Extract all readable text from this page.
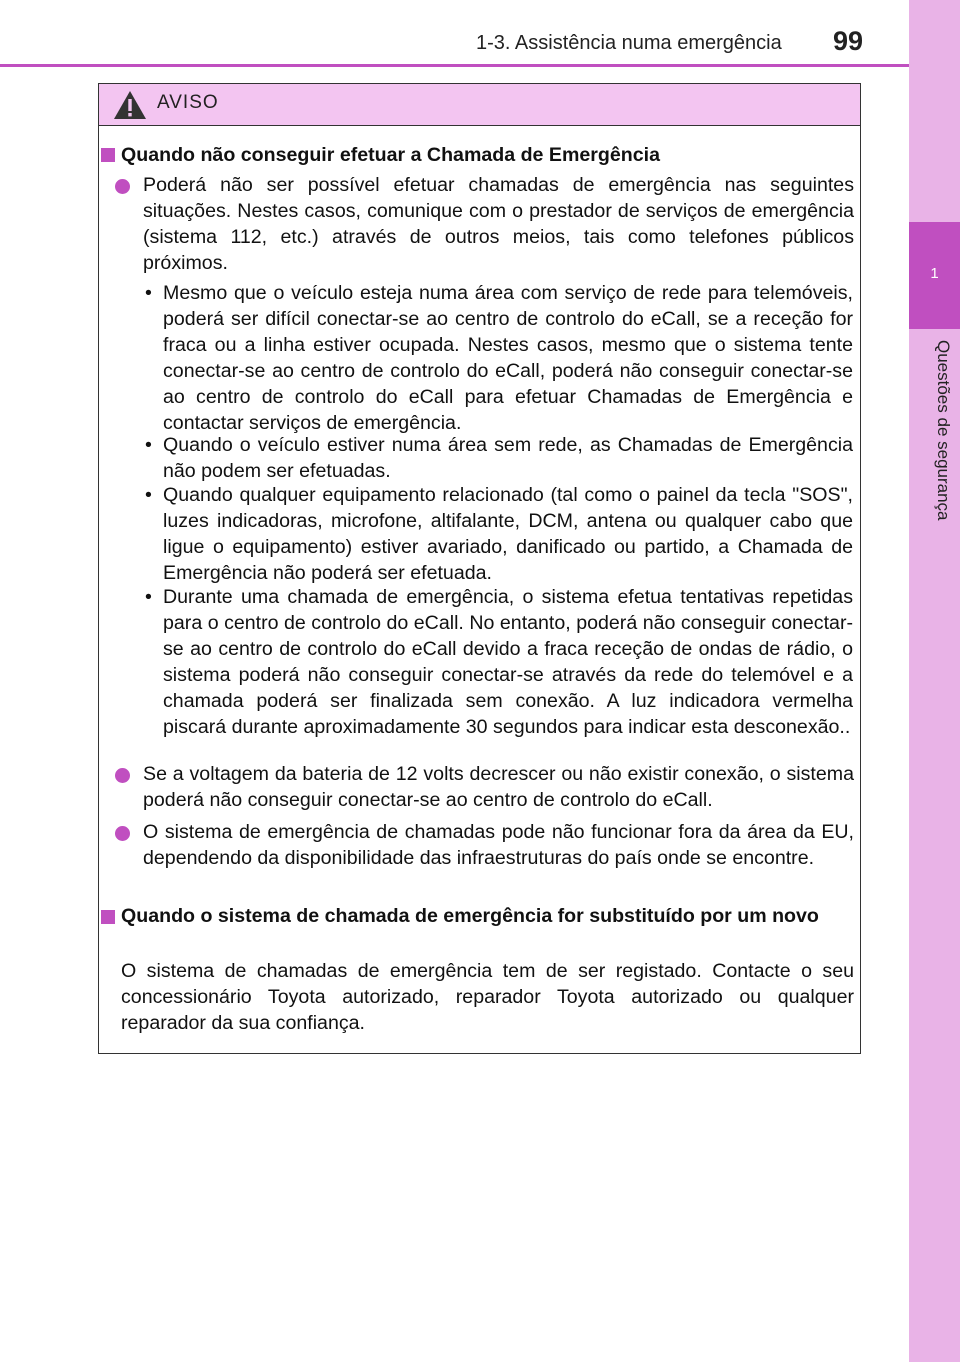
1
Questões de segurança
1-3. Assistência numa emergência 99
AVISO
Quando não conseguir efetuar a Chamada de Emergência
Poderá não ser possível efetuar chamadas de emergência nas seguintes situações. Nestes casos, comunique com o prestador de serviços de emergência (sistema 112, etc.) através de outros meios, tais como telefones públicos próximos.
• Mesmo que o veículo esteja numa área com serviço de rede para telemóveis, poderá ser difícil conectar-se ao centro de controlo do eCall, se a receção for fraca ou a linha estiver ocupada. Nestes casos, mesmo que o sistema tente conectar-se ao centro de controlo do eCall, poderá não conseguir conectar-se ao centro de controlo do eCall para efetuar Chamadas de Emergência e contactar serviços de emergência.
• Quando o veículo estiver numa área sem rede, as Chamadas de Emergência não podem ser efetuadas.
• Quando qualquer equipamento relacionado (tal como o painel da tecla "SOS", luzes indicadoras, microfone, altifalante, DCM, antena ou qualquer cabo que ligue o equipamento) estiver avariado, danificado ou partido, a Chamada de Emergência não poderá ser efetuada.
• Durante uma chamada de emergência, o sistema efetua tentativas repetidas para o centro de controlo do eCall. No entanto, poderá não conseguir conectar-se ao centro de controlo do eCall devido a fraca receção de ondas de rádio, o sistema poderá não conseguir conectar-se através da rede do telemóvel e a chamada poderá ser finalizada sem conexão. A luz indicadora vermelha piscará durante aproximadamente 30 segundos para indicar esta desconexão..
Se a voltagem da bateria de 12 volts decrescer ou não existir conexão, o sistema poderá não conseguir conectar-se ao centro de controlo do eCall.
O sistema de emergência de chamadas pode não funcionar fora da área da EU, dependendo da disponibilidade das infraestruturas do país onde se encontre.
Quando o sistema de chamada de emergência for substituído por um novo
O sistema de chamadas de emergência tem de ser registado. Contacte o seu concessionário Toyota autorizado, reparador Toyota autorizado ou qualquer reparador da sua confiança.
